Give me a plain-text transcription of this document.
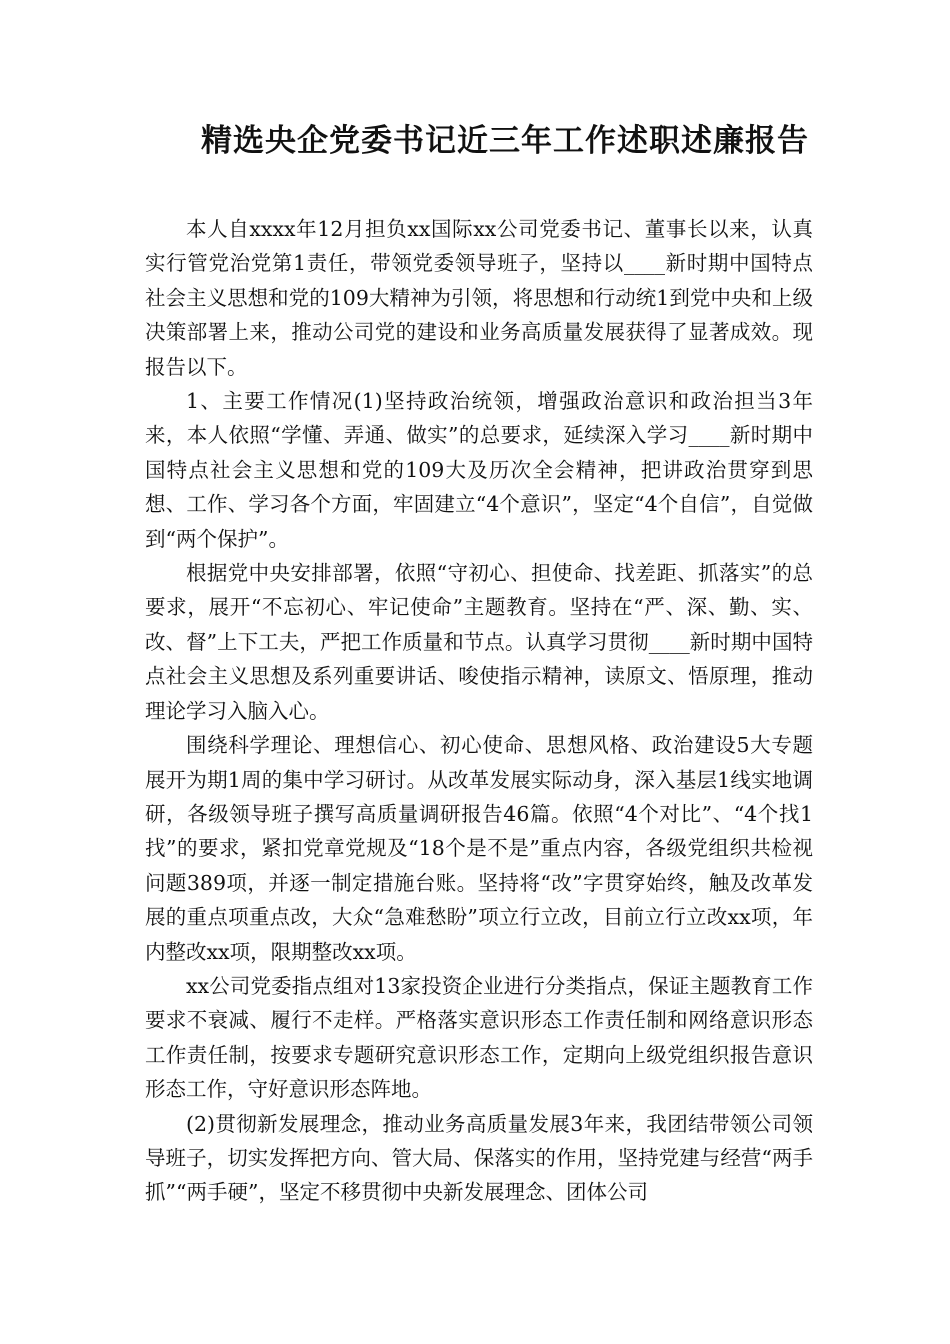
精选央企党委书记近三年工作述职述廉报告

本人自xxxx年12月担负xx国际xx公司党委书记、董事长以来，认真实行管党治党第1责任，带领党委领导班子，坚持以____新时期中国特点社会主义思想和党的109大精神为引领，将思想和行动统1到党中央和上级决策部署上来，推动公司党的建设和业务高质量发展获得了显著成效。现报告以下。

1、主要工作情况(1)坚持政治统领，增强政治意识和政治担当3年来，本人依照“学懂、弄通、做实”的总要求，延续深入学习____新时期中国特点社会主义思想和党的109大及历次全会精神，把讲政治贯穿到思想、工作、学习各个方面，牢固建立“4个意识”，坚定“4个自信”，自觉做到“两个保护”。

根据党中央安排部署，依照“守初心、担使命、找差距、抓落实”的总要求，展开“不忘初心、牢记使命”主题教育。坚持在“严、深、勤、实、改、督”上下工夫，严把工作质量和节点。认真学习贯彻____新时期中国特点社会主义思想及系列重要讲话、唆使指示精神，读原文、悟原理，推动理论学习入脑入心。

围绕科学理论、理想信心、初心使命、思想风格、政治建设5大专题展开为期1周的集中学习研讨。从改革发展实际动身，深入基层1线实地调研，各级领导班子撰写高质量调研报告46篇。依照“4个对比”、“4个找1找”的要求，紧扣党章党规及“18个是不是”重点内容，各级党组织共检视问题389项，并逐一制定措施台账。坚持将“改”字贯穿始终，触及改革发展的重点项重点改，大众“急难愁盼”项立行立改，目前立行立改xx项，年内整改xx项，限期整改xx项。

xx公司党委指点组对13家投资企业进行分类指点，保证主题教育工作要求不衰减、履行不走样。严格落实意识形态工作责任制和网络意识形态工作责任制，按要求专题研究意识形态工作，定期向上级党组织报告意识形态工作，守好意识形态阵地。

(2)贯彻新发展理念，推动业务高质量发展3年来，我团结带领公司领导班子，切实发挥把方向、管大局、保落实的作用，坚持党建与经营“两手抓”“两手硬”，坚定不移贯彻中央新发展理念、团体公司
